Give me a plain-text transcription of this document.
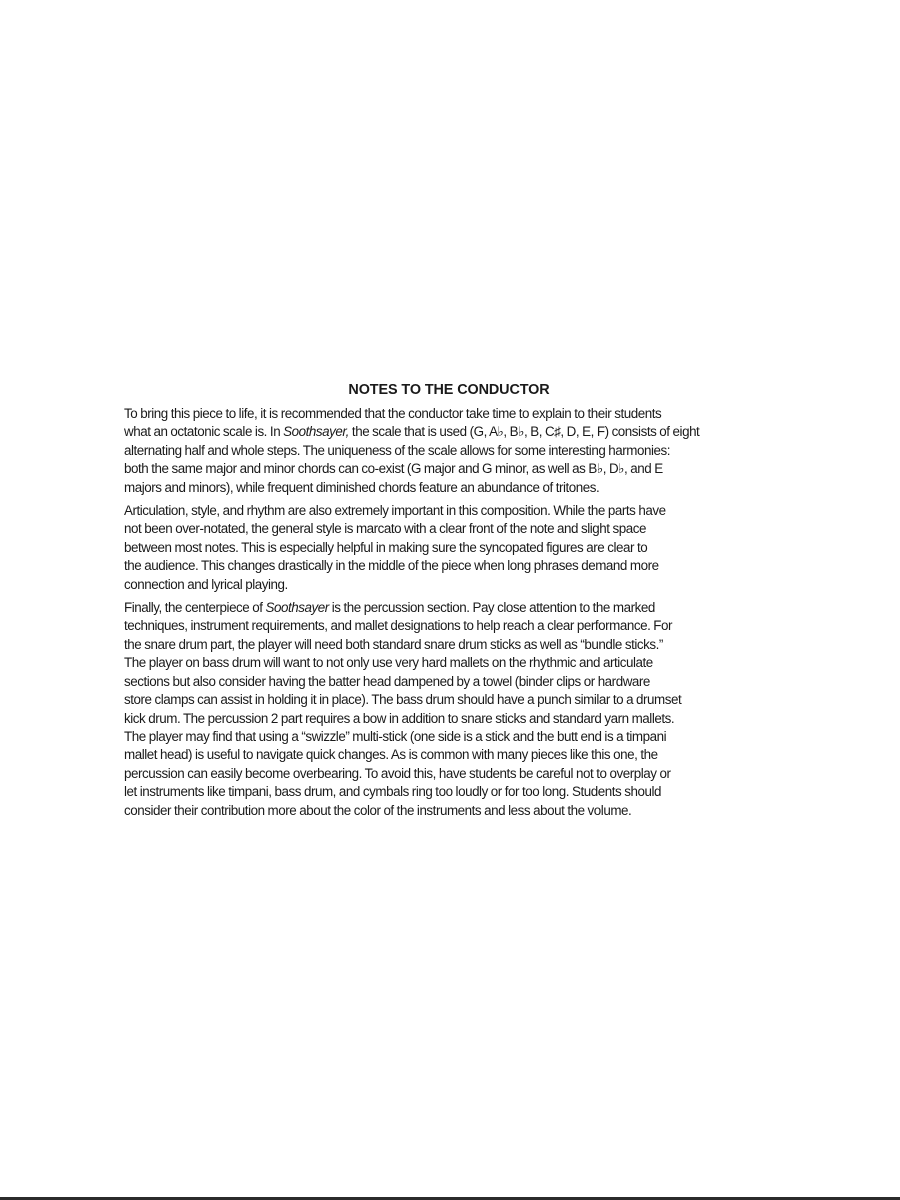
NOTES TO THE CONDUCTOR

To bring this piece to life, it is recommended that the conductor take time to explain to their students
what an octatonic scale is. In Soothsayer, the scale that is used (G, A♭, B♭, B, C♯, D, E, F) consists of eight
alternating half and whole steps. The uniqueness of the scale allows for some interesting harmonies:
both the same major and minor chords can co-exist (G major and G minor, as well as B♭, D♭, and E
majors and minors), while frequent diminished chords feature an abundance of tritones.

Articulation, style, and rhythm are also extremely important in this composition. While the parts have
not been over-notated, the general style is marcato with a clear front of the note and slight space
between most notes. This is especially helpful in making sure the syncopated figures are clear to
the audience. This changes drastically in the middle of the piece when long phrases demand more
connection and lyrical playing.

Finally, the centerpiece of Soothsayer is the percussion section. Pay close attention to the marked
techniques, instrument requirements, and mallet designations to help reach a clear performance. For
the snare drum part, the player will need both standard snare drum sticks as well as “bundle sticks.”
The player on bass drum will want to not only use very hard mallets on the rhythmic and articulate
sections but also consider having the batter head dampened by a towel (binder clips or hardware
store clamps can assist in holding it in place). The bass drum should have a punch similar to a drumset
kick drum. The percussion 2 part requires a bow in addition to snare sticks and standard yarn mallets.
The player may find that using a “swizzle” multi-stick (one side is a stick and the butt end is a timpani
mallet head) is useful to navigate quick changes. As is common with many pieces like this one, the
percussion can easily become overbearing. To avoid this, have students be careful not to overplay or
let instruments like timpani, bass drum, and cymbals ring too loudly or for too long. Students should
consider their contribution more about the color of the instruments and less about the volume.
